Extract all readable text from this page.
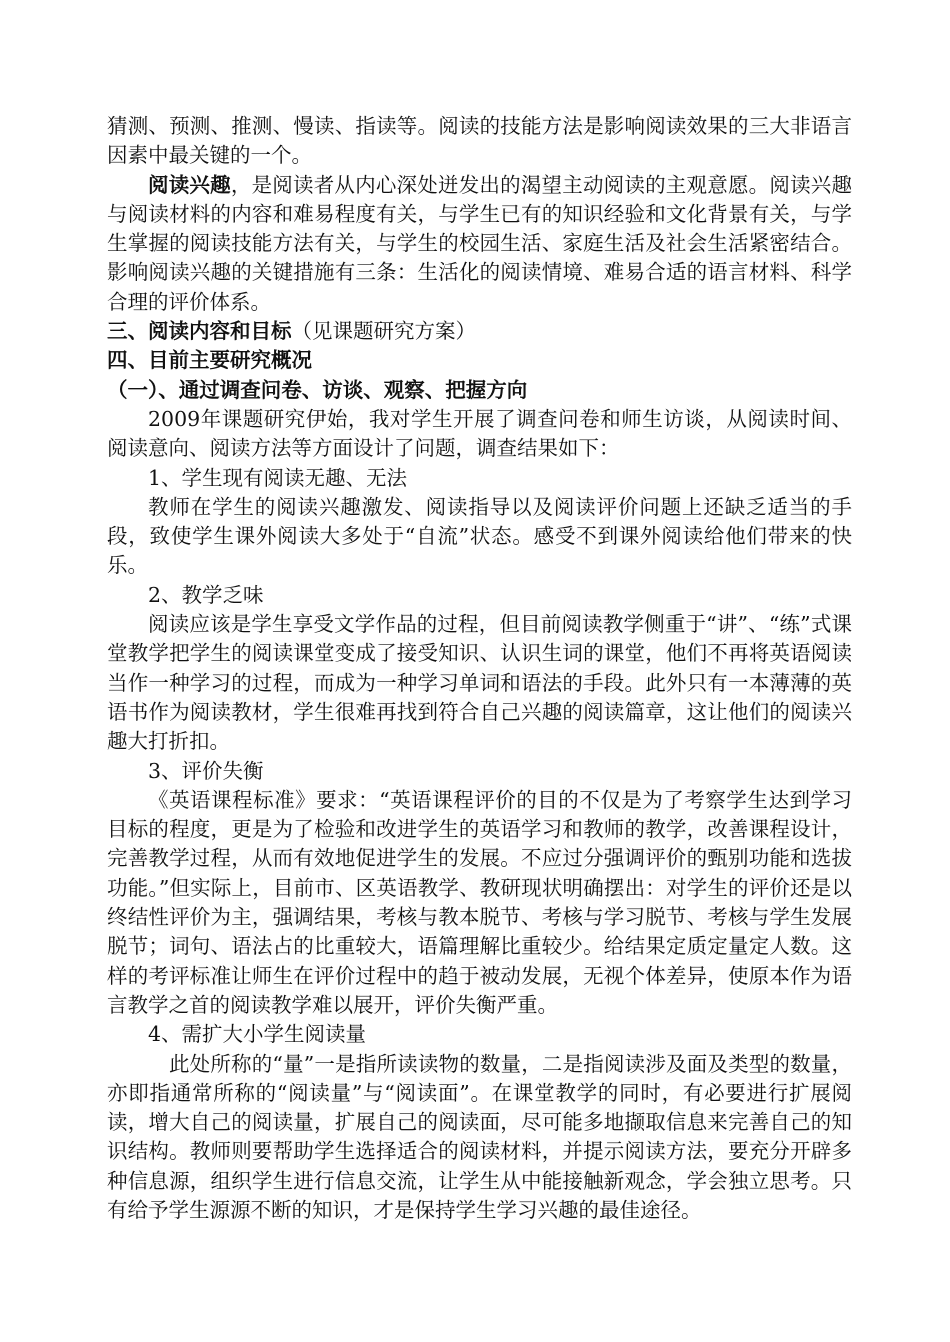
猜测、预测、推测、慢读、指读等。阅读的技能方法是影响阅读效果的三大非语言因素中最关键的一个。

阅读兴趣，是阅读者从内心深处迸发出的渴望主动阅读的主观意愿。阅读兴趣与阅读材料的内容和难易程度有关，与学生已有的知识经验和文化背景有关，与学生掌握的阅读技能方法有关，与学生的校园生活、家庭生活及社会生活紧密结合。影响阅读兴趣的关键措施有三条：生活化的阅读情境、难易合适的语言材料、科学合理的评价体系。

三、阅读内容和目标（见课题研究方案）

四、目前主要研究概况

（一）、通过调查问卷、访谈、观察、把握方向

2009年课题研究伊始，我对学生开展了调查问卷和师生访谈，从阅读时间、阅读意向、阅读方法等方面设计了问题，调查结果如下：

1、学生现有阅读无趣、无法

教师在学生的阅读兴趣激发、阅读指导以及阅读评价问题上还缺乏适当的手段，致使学生课外阅读大多处于“自流”状态。感受不到课外阅读给他们带来的快乐。

2、教学乏味

阅读应该是学生享受文学作品的过程，但目前阅读教学侧重于“讲”、“练”式课堂教学把学生的阅读课堂变成了接受知识、认识生词的课堂，他们不再将英语阅读当作一种学习的过程，而成为一种学习单词和语法的手段。此外只有一本薄薄的英语书作为阅读教材，学生很难再找到符合自己兴趣的阅读篇章，这让他们的阅读兴趣大打折扣。

3、评价失衡

《英语课程标准》要求：“英语课程评价的目的不仅是为了考察学生达到学习目标的程度，更是为了检验和改进学生的英语学习和教师的教学，改善课程设计，完善教学过程，从而有效地促进学生的发展。不应过分强调评价的甄别功能和选拔功能。”但实际上，目前市、区英语教学、教研现状明确摆出：对学生的评价还是以终结性评价为主，强调结果，考核与教本脱节、考核与学习脱节、考核与学生发展脱节；词句、语法占的比重较大，语篇理解比重较少。给结果定质定量定人数。这样的考评标准让师生在评价过程中的趋于被动发展，无视个体差异，使原本作为语言教学之首的阅读教学难以展开，评价失衡严重。

4、需扩大小学生阅读量

此处所称的“量”一是指所读读物的数量，二是指阅读涉及面及类型的数量，亦即指通常所称的“阅读量”与“阅读面”。在课堂教学的同时，有必要进行扩展阅读，增大自己的阅读量，扩展自己的阅读面，尽可能多地撷取信息来完善自己的知识结构。教师则要帮助学生选择适合的阅读材料，并提示阅读方法，要充分开辟多种信息源，组织学生进行信息交流，让学生从中能接触新观念，学会独立思考。只有给予学生源源不断的知识，才是保持学生学习兴趣的最佳途径。
